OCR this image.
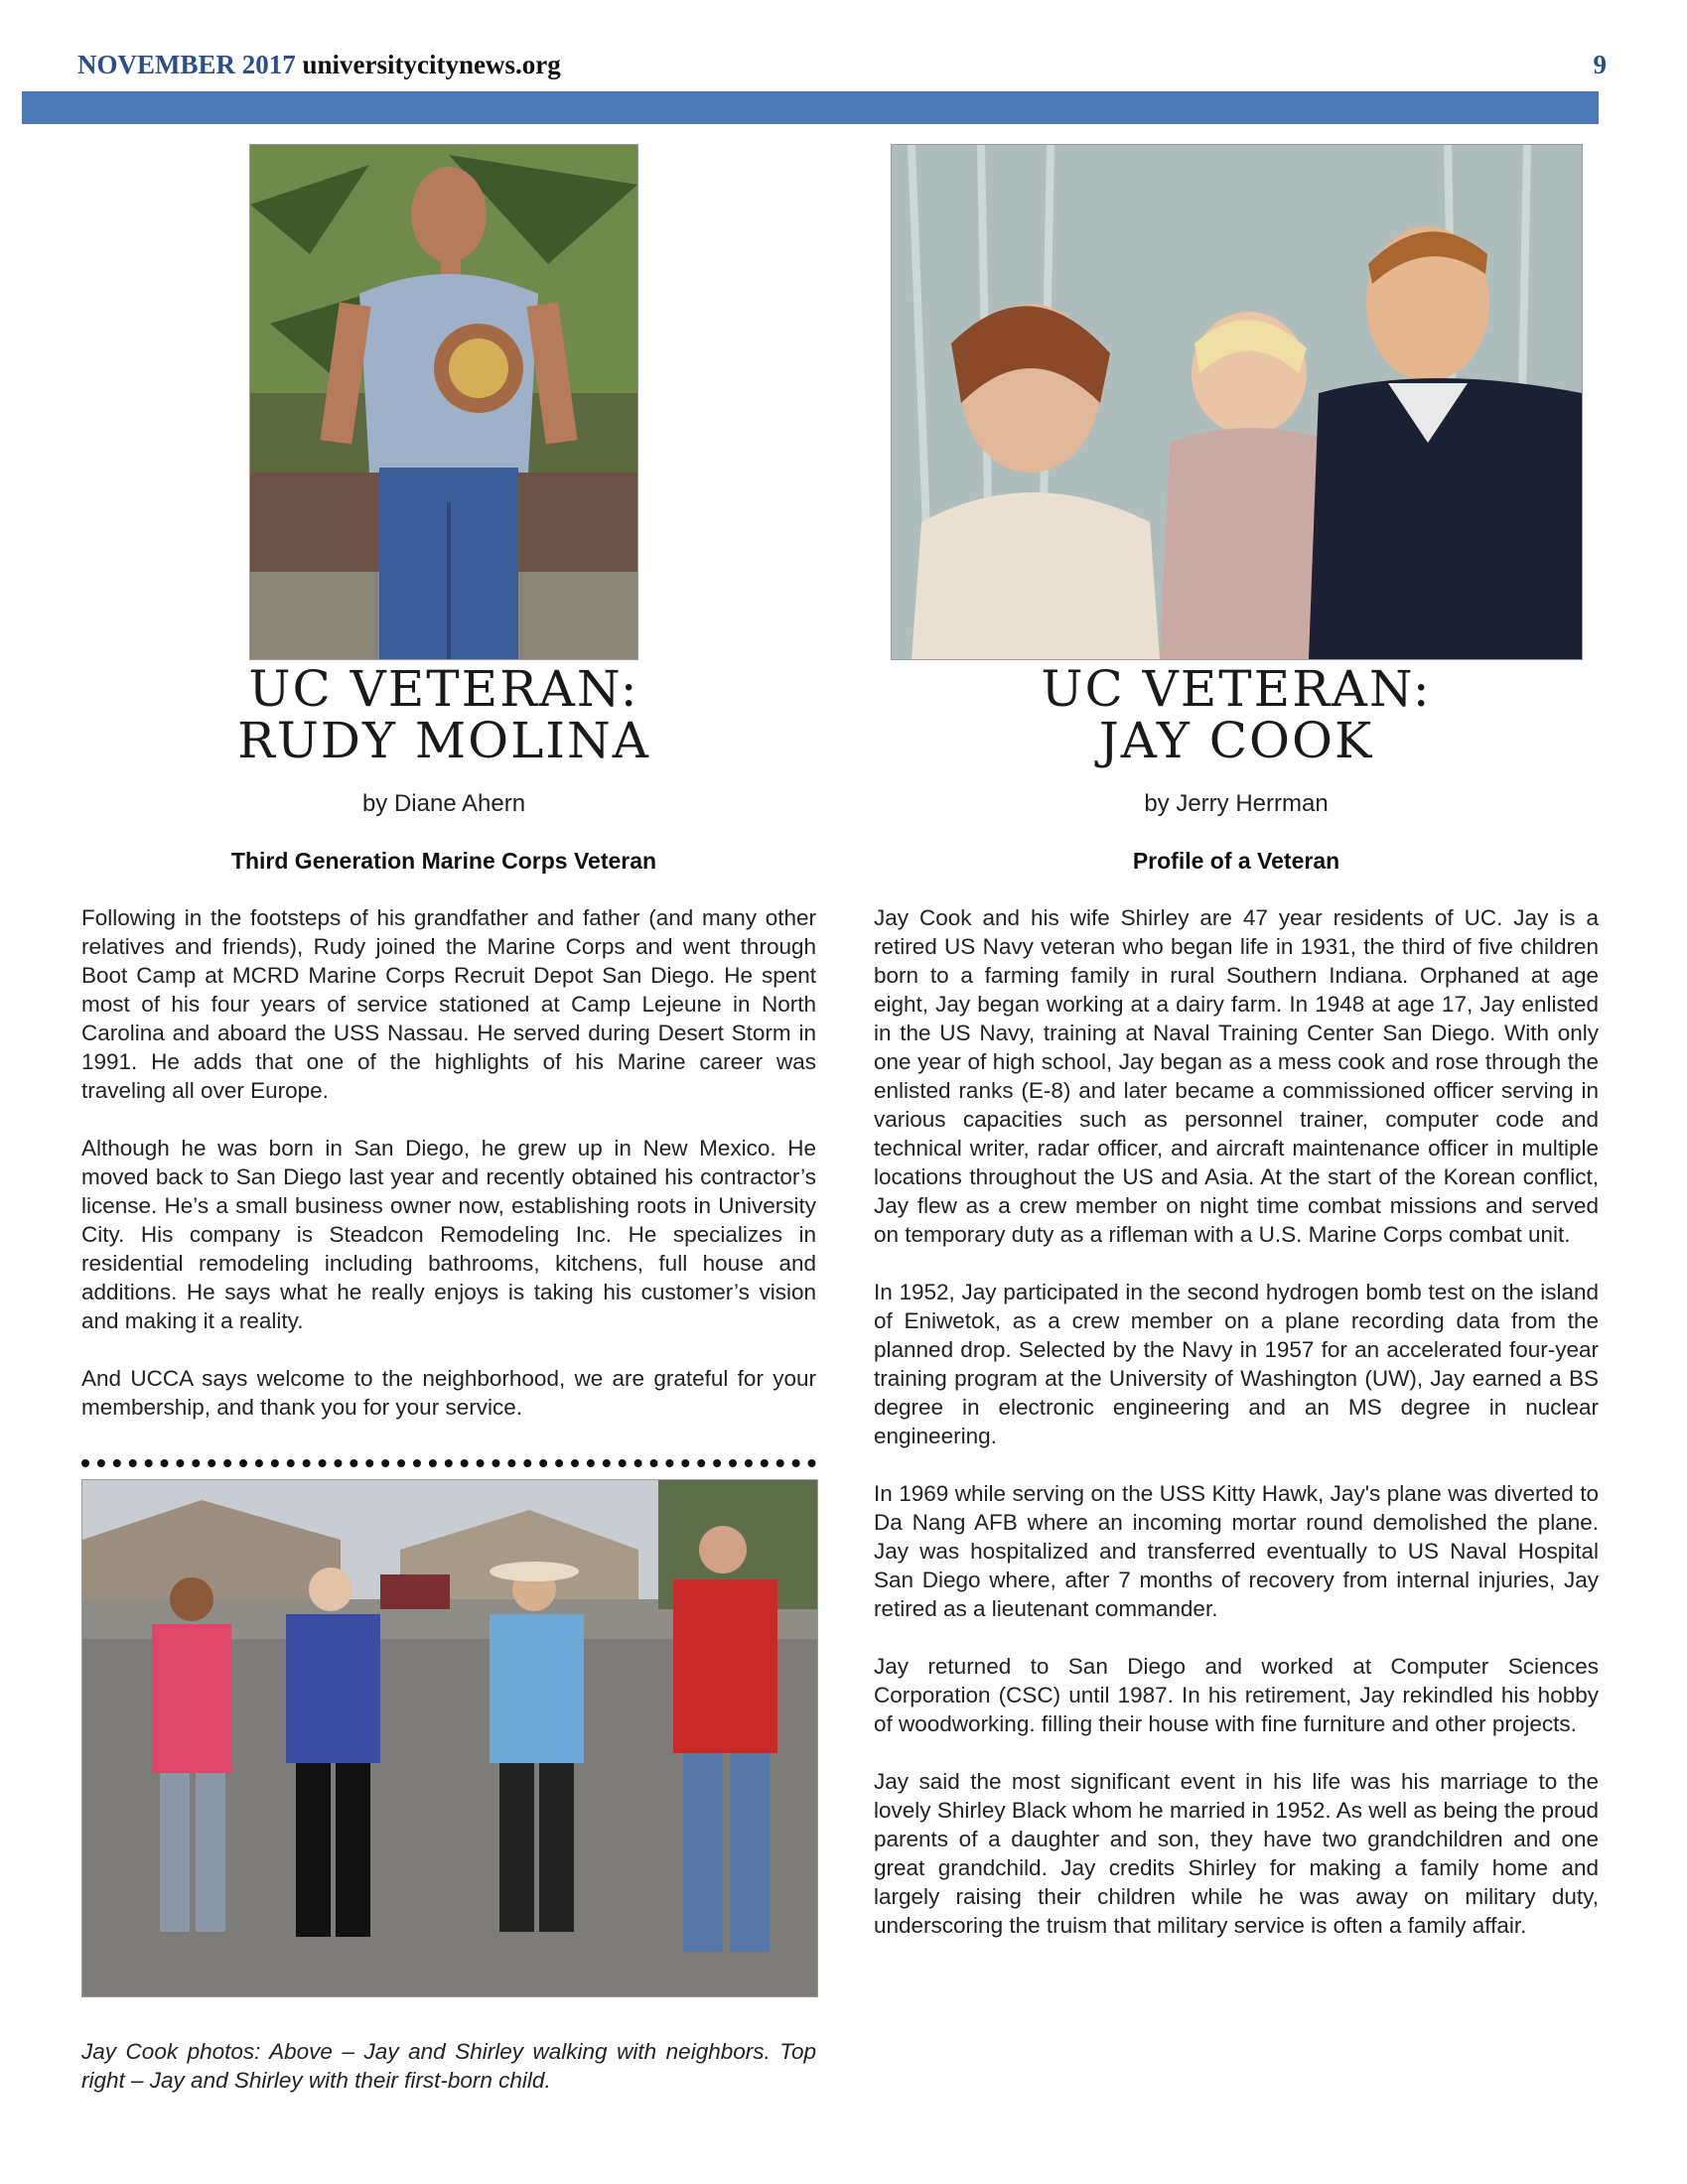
NOVEMBER 2017 universitycitynews.org	9
UC VETERAN:
RUDY MOLINA
UC VETERAN:
JAY COOK
by Diane Ahern	by Jerry Herrman
Third Generation Marine Corps Veteran	Profile of a Veteran

Following in the footsteps of his grandfather and father (and many other relatives and friends), Rudy joined the Marine Corps and went through Boot Camp at MCRD Marine Corps Recruit Depot San Diego. He spent most of his four years of service stationed at Camp Lejeune in North Carolina and aboard the USS Nassau. He served during Desert Storm in 1991. He adds that one of the highlights of his Marine career was traveling all over Europe.

Although he was born in San Diego, he grew up in New Mexico. He moved back to San Diego last year and recently obtained his contractor’s license. He’s a small business owner now, establishing roots in University City. His company is Steadcon Remodeling Inc. He specializes in residential remodeling including bathrooms, kitchens, full house and additions. He says what he really enjoys is taking his customer’s vision and making it a reality.

And UCCA says welcome to the neighborhood, we are grateful for your membership, and thank you for your service.

Jay Cook photos: Above – Jay and Shirley walking with neighbors. Top right – Jay and Shirley with their first-born child.

Jay Cook and his wife Shirley are 47 year residents of UC. Jay is a retired US Navy veteran who began life in 1931, the third of five children born to a farming family in rural Southern Indiana. Orphaned at age eight, Jay began working at a dairy farm. In 1948 at age 17, Jay enlisted in the US Navy, training at Naval Training Center San Diego. With only one year of high school, Jay began as a mess cook and rose through the enlisted ranks (E-8) and later became a commissioned officer serving in various capacities such as personnel trainer, computer code and technical writer, radar officer, and aircraft maintenance officer in multiple locations throughout the US and Asia. At the start of the Korean conflict, Jay flew as a crew member on night time combat missions and served on temporary duty as a rifleman with a U.S. Marine Corps combat unit.

In 1952, Jay participated in the second hydrogen bomb test on the island of Eniwetok, as a crew member on a plane recording data from the planned drop. Selected by the Navy in 1957 for an accelerated four-year training program at the University of Washington (UW), Jay earned a BS degree in electronic engineering and an MS degree in nuclear engineering.

In 1969 while serving on the USS Kitty Hawk, Jay's plane was diverted to Da Nang AFB where an incoming mortar round demolished the plane. Jay was hospitalized and transferred eventually to US Naval Hospital San Diego where, after 7 months of recovery from internal injuries, Jay retired as a lieutenant commander.

Jay returned to San Diego and worked at Computer Sciences Corporation (CSC) until 1987. In his retirement, Jay rekindled his hobby of woodworking. filling their house with fine furniture and other projects.

Jay said the most significant event in his life was his marriage to the lovely Shirley Black whom he married in 1952. As well as being the proud parents of a daughter and son, they have two grandchildren and one great grandchild. Jay credits Shirley for making a family home and largely raising their children while he was away on military duty, underscoring the truism that military service is often a family affair.
